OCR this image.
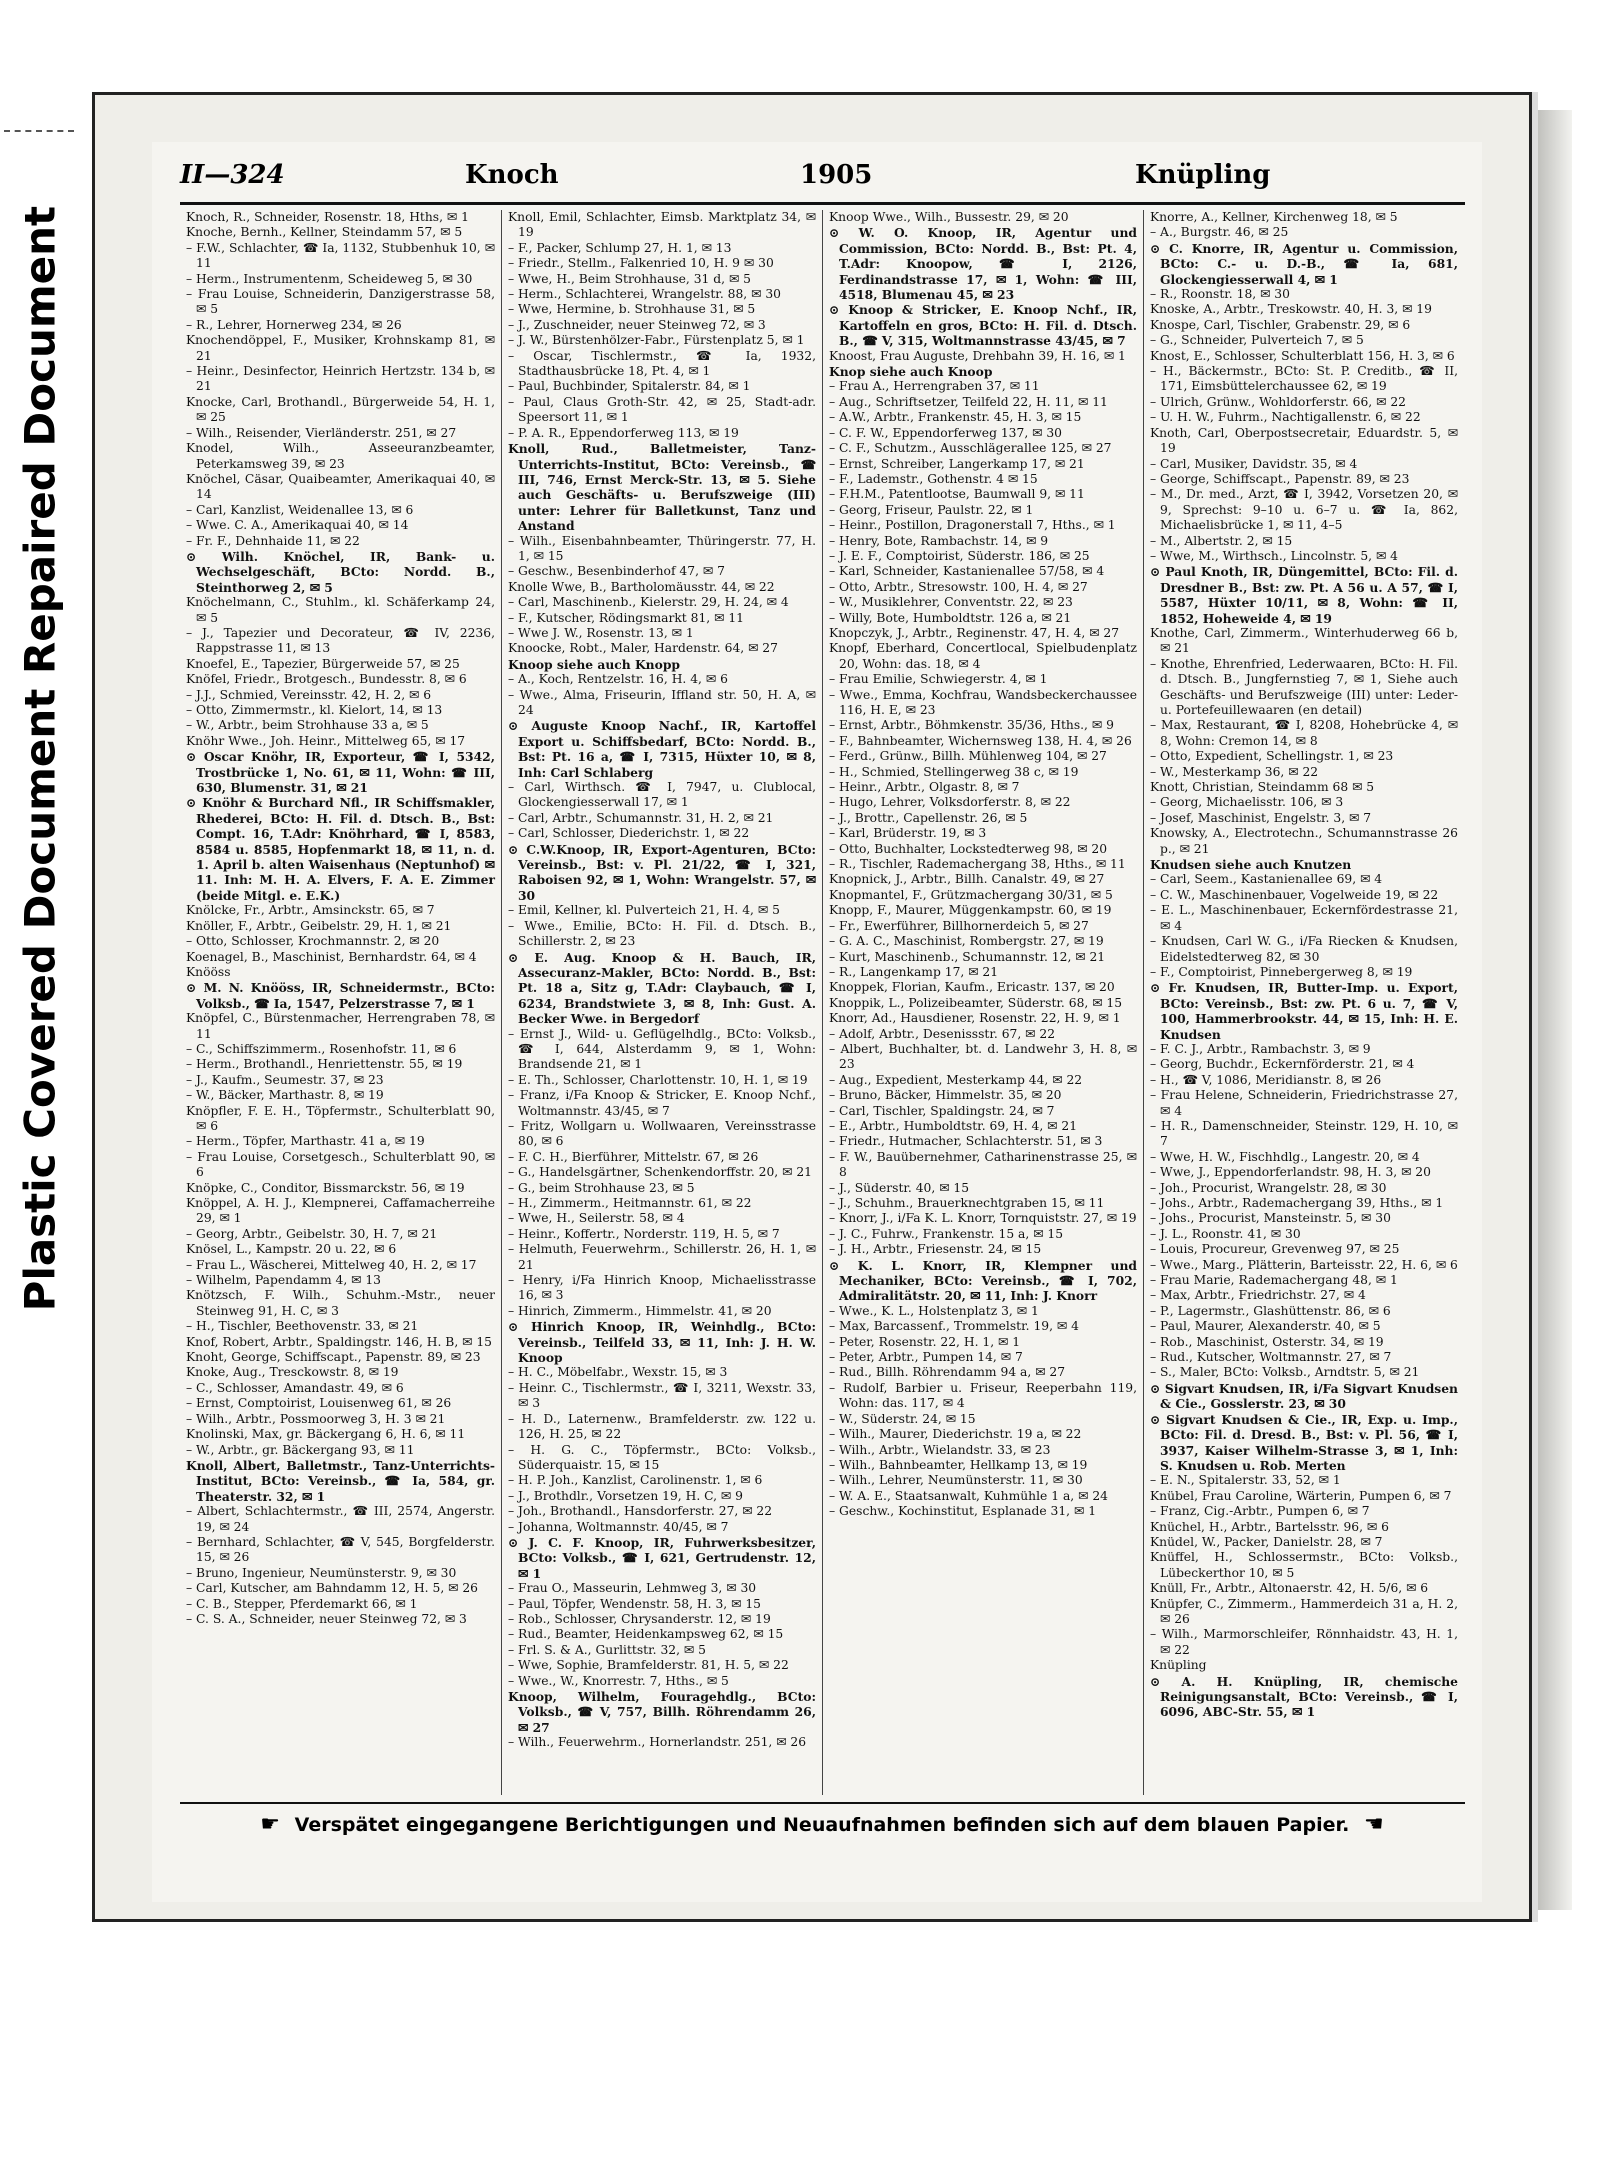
Repaired Document
Plastic Covered Document
II—324	Knoch	1905	Knüpling

Knoch, R., Schneider, Rosenstr. 18, Hths, ✉ 1

Knoche, Bernh., Kellner, Steindamm 57, ✉ 5

– F.W., Schlachter, ☎ Ia, 1132, Stubbenhuk 10, ✉ 11

– Herm., Instrumentenm, Scheideweg 5, ✉ 30

– Frau Louise, Schneiderin, Danzigerstrasse 58, ✉ 5

– R., Lehrer, Hornerweg 234, ✉ 26

Knochendöppel, F., Musiker, Krohnskamp 81, ✉ 21

– Heinr., Desinfector, Heinrich Hertzstr. 134 b, ✉ 21

Knocke, Carl, Brothandl., Bürgerweide 54, H. 1, ✉ 25

– Wilh., Reisender, Vierländerstr. 251, ✉ 27

Knodel, Wilh., Asseeuranzbeamter, Peterkamsweg 39, ✉ 23

Knöchel, Cäsar, Quaibeamter, Amerikaquai 40, ✉ 14

– Carl, Kanzlist, Weidenallee 13, ✉ 6

– Wwe. C. A., Amerikaquai 40, ✉ 14

– Fr. F., Dehnhaide 11, ✉ 22

⊙ Wilh. Knöchel, IR, Bank- u. Wechselgeschäft, BCto: Nordd. B., Steinthorweg 2, ✉ 5

Knöchelmann, C., Stuhlm., kl. Schäferkamp 24, ✉ 5

– J., Tapezier und Decorateur, ☎ IV, 2236, Rappstrasse 11, ✉ 13

Knoefel, E., Tapezier, Bürgerweide 57, ✉ 25

Knöfel, Friedr., Brotgesch., Bundesstr. 8, ✉ 6

– J.J., Schmied, Vereinsstr. 42, H. 2, ✉ 6

– Otto, Zimmermstr., kl. Kielort, 14, ✉ 13

– W., Arbtr., beim Strohhause 33 a, ✉ 5

Knöhr Wwe., Joh. Heinr., Mittelweg 65, ✉ 17

⊙ Oscar Knöhr, IR, Exporteur, ☎ I, 5342, Trostbrücke 1, No. 61, ✉ 11, Wohn: ☎ III, 630, Blumenstr. 31, ✉ 21

⊙ Knöhr & Burchard Nfl., IR Schiffsmakler, Rhederei, BCto: H. Fil. d. Dtsch. B., Bst: Compt. 16, T.Adr: Knöhrhard, ☎ I, 8583, 8584 u. 8585, Hopfenmarkt 18, ✉ 11, n. d. 1. April b. alten Waisenhaus (Neptunhof) ✉ 11. Inh: M. H. A. Elvers, F. A. E. Zimmer (beide Mitgl. e. E.K.)

Knölcke, Fr., Arbtr., Amsinckstr. 65, ✉ 7

Knöller, F., Arbtr., Geibelstr. 29, H. 1, ✉ 21

– Otto, Schlosser, Krochmannstr. 2, ✉ 20

Koenagel, B., Maschinist, Bernhardstr. 64, ✉ 4

Knööss

⊙ M. N. Knööss, IR, Schneidermstr., BCto: Volksb., ☎ Ia, 1547, Pelzerstrasse 7, ✉ 1

Knöpfel, C., Bürstenmacher, Herrengraben 78, ✉ 11

– C., Schiffszimmerm., Rosenhofstr. 11, ✉ 6

– Herm., Brothandl., Henriettenstr. 55, ✉ 19

– J., Kaufm., Seumestr. 37, ✉ 23

– W., Bäcker, Marthastr. 8, ✉ 19

Knöpfler, F. E. H., Töpfermstr., Schulterblatt 90, ✉ 6

– Herm., Töpfer, Marthastr. 41 a, ✉ 19

– Frau Louise, Corsetgesch., Schulterblatt 90, ✉ 6

Knöpke, C., Conditor, Bissmarckstr. 56, ✉ 19

Knöppel, A. H. J., Klempnerei, Caffamacherreihe 29, ✉ 1

– Georg, Arbtr., Geibelstr. 30, H. 7, ✉ 21

Knösel, L., Kampstr. 20 u. 22, ✉ 6

– Frau L., Wäscherei, Mittelweg 40, H. 2, ✉ 17

– Wilhelm, Papendamm 4, ✉ 13

Knötzsch, F. Wilh., Schuhm.-Mstr., neuer Steinweg 91, H. C, ✉ 3

– H., Tischler, Beethovenstr. 33, ✉ 21

Knof, Robert, Arbtr., Spaldingstr. 146, H. B, ✉ 15

Knoht, George, Schiffscapt., Papenstr. 89, ✉ 23

Knoke, Aug., Tresckowstr. 8, ✉ 19

– C., Schlosser, Amandastr. 49, ✉ 6

– Ernst, Comptoirist, Louisenweg 61, ✉ 26

– Wilh., Arbtr., Possmoorweg 3, H. 3 ✉ 21

Knolinski, Max, gr. Bäckergang 6, H. 6, ✉ 11

– W., Arbtr., gr. Bäckergang 93, ✉ 11

Knoll, Albert, Balletmstr., Tanz-Unterrichts-Institut, BCto: Vereinsb., ☎ Ia, 584, gr. Theaterstr. 32, ✉ 1

– Albert, Schlachtermstr., ☎ III, 2574, Angerstr. 19, ✉ 24

– Bernhard, Schlachter, ☎ V, 545, Borgfelderstr. 15, ✉ 26

– Bruno, Ingenieur, Neumünsterstr. 9, ✉ 30

– Carl, Kutscher, am Bahndamm 12, H. 5, ✉ 26

– C. B., Stepper, Pferdemarkt 66, ✉ 1

– C. S. A., Schneider, neuer Steinweg 72, ✉ 3

Knoll, Emil, Schlachter, Eimsb. Marktplatz 34, ✉ 19

– F., Packer, Schlump 27, H. 1, ✉ 13

– Friedr., Stellm., Falkenried 10, H. 9 ✉ 30

– Wwe, H., Beim Strohhause, 31 d, ✉ 5

– Herm., Schlachterei, Wrangelstr. 88, ✉ 30

– Wwe, Hermine, b. Strohhause 31, ✉ 5

– J., Zuschneider, neuer Steinweg 72, ✉ 3

– J. W., Bürstenhölzer-Fabr., Fürstenplatz 5, ✉ 1

– Oscar, Tischlermstr., ☎ Ia, 1932, Stadthausbrücke 18, Pt. 4, ✉ 1

– Paul, Buchbinder, Spitalerstr. 84, ✉ 1

– Paul, Claus Groth-Str. 42, ✉ 25, Stadt-adr. Speersort 11, ✉ 1

– P. A. R., Eppendorferweg 113, ✉ 19

Knoll, Rud., Balletmeister, Tanz-Unterrichts-Institut, BCto: Vereinsb., ☎ III, 746, Ernst Merck-Str. 13, ✉ 5. Siehe auch Geschäfts- u. Berufszweige (III) unter: Lehrer für Balletkunst, Tanz und Anstand

– Wilh., Eisenbahnbeamter, Thüringerstr. 77, H. 1, ✉ 15

– Geschw., Besenbinderhof 47, ✉ 7

Knolle Wwe, B., Bartholomäusstr. 44, ✉ 22

– Carl, Maschinenb., Kielerstr. 29, H. 24, ✉ 4

– F., Kutscher, Rödingsmarkt 81, ✉ 11

– Wwe J. W., Rosenstr. 13, ✉ 1

Knoocke, Robt., Maler, Hardenstr. 64, ✉ 27

Knoop siehe auch Knopp

– A., Koch, Rentzelstr. 16, H. 4, ✉ 6

– Wwe., Alma, Friseurin, Iffland str. 50, H. A, ✉ 24

⊙ Auguste Knoop Nachf., IR, Kartoffel Export u. Schiffsbedarf, BCto: Nordd. B., Bst: Pt. 16 a, ☎ I, 7315, Hüxter 10, ✉ 8, Inh: Carl Schlaberg

– Carl, Wirthsch. ☎ I, 7947, u. Clublocal, Glockengiesserwall 17, ✉ 1

– Carl, Arbtr., Schumannstr. 31, H. 2, ✉ 21

– Carl, Schlosser, Diederichstr. 1, ✉ 22

⊙ C.W.Knoop, IR, Export-Agenturen, BCto: Vereinsb., Bst: v. Pl. 21/22, ☎ I, 321, Raboisen 92, ✉ 1, Wohn: Wrangelstr. 57, ✉ 30

– Emil, Kellner, kl. Pulverteich 21, H. 4, ✉ 5

– Wwe., Emilie, BCto: H. Fil. d. Dtsch. B., Schillerstr. 2, ✉ 23

⊙ E. Aug. Knoop & H. Bauch, IR, Assecuranz-Makler, BCto: Nordd. B., Bst: Pt. 18 a, Sitz g, T.Adr: Claybauch, ☎ I, 6234, Brandstwiete 3, ✉ 8, Inh: Gust. A. Becker Wwe. in Bergedorf

– Ernst J., Wild- u. Geflügelhdlg., BCto: Volksb., ☎ I, 644, Alsterdamm 9, ✉ 1, Wohn: Brandsende 21, ✉ 1

– E. Th., Schlosser, Charlottenstr. 10, H. 1, ✉ 19

– Franz, i/Fa Knoop & Stricker, E. Knoop Nchf., Woltmannstr. 43/45, ✉ 7

– Fritz, Wollgarn u. Wollwaaren, Vereinsstrasse 80, ✉ 6

– F. C. H., Bierführer, Mittelstr. 67, ✉ 26

– G., Handelsgärtner, Schenkendorffstr. 20, ✉ 21

– G., beim Strohhause 23, ✉ 5

– H., Zimmerm., Heitmannstr. 61, ✉ 22

– Wwe, H., Seilerstr. 58, ✉ 4

– Heinr., Koffertr., Norderstr. 119, H. 5, ✉ 7

– Helmuth, Feuerwehrm., Schillerstr. 26, H. 1, ✉ 21

– Henry, i/Fa Hinrich Knoop, Michaelisstrasse 16, ✉ 3

– Hinrich, Zimmerm., Himmelstr. 41, ✉ 20

⊙ Hinrich Knoop, IR, Weinhdlg., BCto: Vereinsb., Teilfeld 33, ✉ 11, Inh: J. H. W. Knoop

– H. C., Möbelfabr., Wexstr. 15, ✉ 3

– Heinr. C., Tischlermstr., ☎ I, 3211, Wexstr. 33, ✉ 3

– H. D., Laternenw., Bramfelderstr. zw. 122 u. 126, H. 25, ✉ 22

– H. G. C., Töpfermstr., BCto: Volksb., Süderquaistr. 15, ✉ 15

– H. P. Joh., Kanzlist, Carolinenstr. 1, ✉ 6

– J., Brothdlr., Vorsetzen 19, H. C, ✉ 9

– Joh., Brothandl., Hansdorferstr. 27, ✉ 22

– Johanna, Woltmannstr. 40/45, ✉ 7

⊙ J. C. F. Knoop, IR, Fuhrwerksbesitzer, BCto: Volksb., ☎ I, 621, Gertrudenstr. 12, ✉ 1

– Frau O., Masseurin, Lehmweg 3, ✉ 30

– Paul, Töpfer, Wendenstr. 58, H. 3, ✉ 15

– Rob., Schlosser, Chrysanderstr. 12, ✉ 19

– Rud., Beamter, Heidenkampsweg 62, ✉ 15

– Frl. S. & A., Gurlittstr. 32, ✉ 5

– Wwe, Sophie, Bramfelderstr. 81, H. 5, ✉ 22

– Wwe., W., Knorrestr. 7, Hths., ✉ 5

Knoop, Wilhelm, Fouragehdlg., BCto: Volksb., ☎ V, 757, Billh. Röhrendamm 26, ✉ 27

– Wilh., Feuerwehrm., Hornerlandstr. 251, ✉ 26

Knoop Wwe., Wilh., Bussestr. 29, ✉ 20

⊙ W. O. Knoop, IR, Agentur und Commission, BCto: Nordd. B., Bst: Pt. 4, T.Adr: Knoopow, ☎ I, 2126, Ferdinandstrasse 17, ✉ 1, Wohn: ☎ III, 4518, Blumenau 45, ✉ 23

⊙ Knoop & Stricker, E. Knoop Nchf., IR, Kartoffeln en gros, BCto: H. Fil. d. Dtsch. B., ☎ V, 315, Woltmannstrasse 43/45, ✉ 7

Knoost, Frau Auguste, Drehbahn 39, H. 16, ✉ 1

Knop siehe auch Knoop

– Frau A., Herrengraben 37, ✉ 11

– Aug., Schriftsetzer, Teilfeld 22, H. 11, ✉ 11

– A.W., Arbtr., Frankenstr. 45, H. 3, ✉ 15

– C. F. W., Eppendorferweg 137, ✉ 30

– C. F., Schutzm., Ausschlägerallee 125, ✉ 27

– Ernst, Schreiber, Langerkamp 17, ✉ 21

– F., Lademstr., Gothenstr. 4 ✉ 15

– F.H.M., Patentlootse, Baumwall 9, ✉ 11

– Georg, Friseur, Paulstr. 22, ✉ 1

– Heinr., Postillon, Dragonerstall 7, Hths., ✉ 1

– Henry, Bote, Rambachstr. 14, ✉ 9

– J. E. F., Comptoirist, Süderstr. 186, ✉ 25

– Karl, Schneider, Kastanienallee 57/58, ✉ 4

– Otto, Arbtr., Stresowstr. 100, H. 4, ✉ 27

– W., Musiklehrer, Conventstr. 22, ✉ 23

– Willy, Bote, Humboldtstr. 126 a, ✉ 21

Knopczyk, J., Arbtr., Reginenstr. 47, H. 4, ✉ 27

Knopf, Eberhard, Concertlocal, Spielbudenplatz 20, Wohn: das. 18, ✉ 4

– Frau Emilie, Schwiegerstr. 4, ✉ 1

– Wwe., Emma, Kochfrau, Wandsbeckerchaussee 116, H. E, ✉ 23

– Ernst, Arbtr., Böhmkenstr. 35/36, Hths., ✉ 9

– F., Bahnbeamter, Wichernsweg 138, H. 4, ✉ 26

– Ferd., Grünw., Billh. Mühlenweg 104, ✉ 27

– H., Schmied, Stellingerweg 38 c, ✉ 19

– Heinr., Arbtr., Olgastr. 8, ✉ 7

– Hugo, Lehrer, Volksdorferstr. 8, ✉ 22

– J., Brottr., Capellenstr. 26, ✉ 5

– Karl, Brüderstr. 19, ✉ 3

– Otto, Buchhalter, Lockstedterweg 98, ✉ 20

– R., Tischler, Rademachergang 38, Hths., ✉ 11

Knopnick, J., Arbtr., Billh. Canalstr. 49, ✉ 27

Knopmantel, F., Grützmachergang 30/31, ✉ 5

Knopp, F., Maurer, Müggenkampstr. 60, ✉ 19

– Fr., Ewerführer, Billhornerdeich 5, ✉ 27

– G. A. C., Maschinist, Rombergstr. 27, ✉ 19

– Kurt, Maschinenb., Schumannstr. 12, ✉ 21

– R., Langenkamp 17, ✉ 21

Knoppek, Florian, Kaufm., Ericastr. 137, ✉ 20

Knoppik, L., Polizeibeamter, Süderstr. 68, ✉ 15

Knorr, Ad., Hausdiener, Rosenstr. 22, H. 9, ✉ 1

– Adolf, Arbtr., Desenissstr. 67, ✉ 22

– Albert, Buchhalter, bt. d. Landwehr 3, H. 8, ✉ 23

– Aug., Expedient, Mesterkamp 44, ✉ 22

– Bruno, Bäcker, Himmelstr. 35, ✉ 20

– Carl, Tischler, Spaldingstr. 24, ✉ 7

– E., Arbtr., Humboldtstr. 69, H. 4, ✉ 21

– Friedr., Hutmacher, Schlachterstr. 51, ✉ 3

– F. W., Bauübernehmer, Catharinenstrasse 25, ✉ 8

– J., Süderstr. 40, ✉ 15

– J., Schuhm., Brauerknechtgraben 15, ✉ 11

– Knorr, J., i/Fa K. L. Knorr, Tornquiststr. 27, ✉ 19

– J. C., Fuhrw., Frankenstr. 15 a, ✉ 15

– J. H., Arbtr., Friesenstr. 24, ✉ 15

⊙ K. L. Knorr, IR, Klempner und Mechaniker, BCto: Vereinsb., ☎ I, 702, Admiralitätstr. 20, ✉ 11, Inh: J. Knorr

– Wwe., K. L., Holstenplatz 3, ✉ 1

– Max, Barcassenf., Trommelstr. 19, ✉ 4

– Peter, Rosenstr. 22, H. 1, ✉ 1

– Peter, Arbtr., Pumpen 14, ✉ 7

– Rud., Billh. Röhrendamm 94 a, ✉ 27

– Rudolf, Barbier u. Friseur, Reeperbahn 119, Wohn: das. 117, ✉ 4

– W., Süderstr. 24, ✉ 15

– Wilh., Maurer, Diederichstr. 19 a, ✉ 22

– Wilh., Arbtr., Wielandstr. 33, ✉ 23

– Wilh., Bahnbeamter, Hellkamp 13, ✉ 19

– Wilh., Lehrer, Neumünsterstr. 11, ✉ 30

– W. A. E., Staatsanwalt, Kuhmühle 1 a, ✉ 24

– Geschw., Kochinstitut, Esplanade 31, ✉ 1

Knorre, A., Kellner, Kirchenweg 18, ✉ 5

– A., Burgstr. 46, ✉ 25

⊙ C. Knorre, IR, Agentur u. Commission, BCto: C.- u. D.-B., ☎ Ia, 681, Glockengiesserwall 4, ✉ 1

– R., Roonstr. 18, ✉ 30

Knoske, A., Arbtr., Treskowstr. 40, H. 3, ✉ 19

Knospe, Carl, Tischler, Grabenstr. 29, ✉ 6

– G., Schneider, Pulverteich 7, ✉ 5

Knost, E., Schlosser, Schulterblatt 156, H. 3, ✉ 6

– H., Bäckermstr., BCto: St. P. Creditb., ☎ II, 171, Eimsbüttelerchaussee 62, ✉ 19

– Ulrich, Grünw., Wohldorferstr. 66, ✉ 22

– U. H. W., Fuhrm., Nachtigallenstr. 6, ✉ 22

Knoth, Carl, Oberpostsecretair, Eduardstr. 5, ✉ 19

– Carl, Musiker, Davidstr. 35, ✉ 4

– George, Schiffscapt., Papenstr. 89, ✉ 23

– M., Dr. med., Arzt, ☎ I, 3942, Vorsetzen 20, ✉ 9, Sprechst: 9–10 u. 6–7 u. ☎ Ia, 862, Michaelisbrücke 1, ✉ 11, 4–5

– M., Albertstr. 2, ✉ 15

– Wwe, M., Wirthsch., Lincolnstr. 5, ✉ 4

⊙ Paul Knoth, IR, Düngemittel, BCto: Fil. d. Dresdner B., Bst: zw. Pt. A 56 u. A 57, ☎ I, 5587, Hüxter 10/11, ✉ 8, Wohn: ☎ II, 1852, Hoheweide 4, ✉ 19

Knothe, Carl, Zimmerm., Winterhuderweg 66 b, ✉ 21

– Knothe, Ehrenfried, Lederwaaren, BCto: H. Fil. d. Dtsch. B., Jungfernstieg 7, ✉ 1, Siehe auch Geschäfts- und Berufszweige (III) unter: Leder- u. Portefeuillewaaren (en detail)

– Max, Restaurant, ☎ I, 8208, Hohebrücke 4, ✉ 8, Wohn: Cremon 14, ✉ 8

– Otto, Expedient, Schellingstr. 1, ✉ 23

– W., Mesterkamp 36, ✉ 22

Knott, Christian, Steindamm 68 ✉ 5

– Georg, Michaelisstr. 106, ✉ 3

– Josef, Maschinist, Engelstr. 3, ✉ 7

Knowsky, A., Electrotechn., Schumannstrasse 26 p., ✉ 21

Knudsen siehe auch Knutzen

– Carl, Seem., Kastanienallee 69, ✉ 4

– C. W., Maschinenbauer, Vogelweide 19, ✉ 22

– E. L., Maschinenbauer, Eckernfördestrasse 21, ✉ 4

– Knudsen, Carl W. G., i/Fa Riecken & Knudsen, Eidelstedterweg 82, ✉ 30

– F., Comptoirist, Pinnebergerweg 8, ✉ 19

⊙ Fr. Knudsen, IR, Butter-Imp. u. Export, BCto: Vereinsb., Bst: zw. Pt. 6 u. 7, ☎ V, 100, Hammerbrookstr. 44, ✉ 15, Inh: H. E. Knudsen

– F. C. J., Arbtr., Rambachstr. 3, ✉ 9

– Georg, Buchdr., Eckernförderstr. 21, ✉ 4

– H., ☎ V, 1086, Meridianstr. 8, ✉ 26

– Frau Helene, Schneiderin, Friedrichstrasse 27, ✉ 4

– H. R., Damenschneider, Steinstr. 129, H. 10, ✉ 7

– Wwe, H. W., Fischhdlg., Langestr. 20, ✉ 4

– Wwe, J., Eppendorferlandstr. 98, H. 3, ✉ 20

– Joh., Procurist, Wrangelstr. 28, ✉ 30

– Johs., Arbtr., Rademachergang 39, Hths., ✉ 1

– Johs., Procurist, Mansteinstr. 5, ✉ 30

– J. L., Roonstr. 41, ✉ 30

– Louis, Procureur, Grevenweg 97, ✉ 25

– Wwe., Marg., Plätterin, Barteisstr. 22, H. 6, ✉ 6

– Frau Marie, Rademachergang 48, ✉ 1

– Max, Arbtr., Friedrichstr. 27, ✉ 4

– P., Lagermstr., Glashüttenstr. 86, ✉ 6

– Paul, Maurer, Alexanderstr. 40, ✉ 5

– Rob., Maschinist, Osterstr. 34, ✉ 19

– Rud., Kutscher, Woltmannstr. 27, ✉ 7

– S., Maler, BCto: Volksb., Arndtstr. 5, ✉ 21

⊙ Sigvart Knudsen, IR, i/Fa Sigvart Knudsen & Cie., Gosslerstr. 23, ✉ 30

⊙ Sigvart Knudsen & Cie., IR, Exp. u. Imp., BCto: Fil. d. Dresd. B., Bst: v. Pl. 56, ☎ I, 3937, Kaiser Wilhelm-Strasse 3, ✉ 1, Inh: S. Knudsen u. Rob. Merten

– E. N., Spitalerstr. 33, 52, ✉ 1

Knübel, Frau Caroline, Wärterin, Pumpen 6, ✉ 7

– Franz, Cig.-Arbtr., Pumpen 6, ✉ 7

Knüchel, H., Arbtr., Bartelsstr. 96, ✉ 6

Knüdel, W., Packer, Danielstr. 28, ✉ 7

Knüffel, H., Schlossermstr., BCto: Volksb., Lübeckerthor 10, ✉ 5

Knüll, Fr., Arbtr., Altonaerstr. 42, H. 5/6, ✉ 6

Knüpfer, C., Zimmerm., Hammerdeich 31 a, H. 2, ✉ 26

– Wilh., Marmorschleifer, Rönnhaidstr. 43, H. 1, ✉ 22

Knüpling

⊙ A. H. Knüpling, IR, chemische Reinigungsanstalt, BCto: Vereinsb., ☎ I, 6096, ABC-Str. 55, ✉ 1

☛ Verspätet eingegangene Berichtigungen und Neuaufnahmen befinden sich auf dem blauen Papier. ☚
